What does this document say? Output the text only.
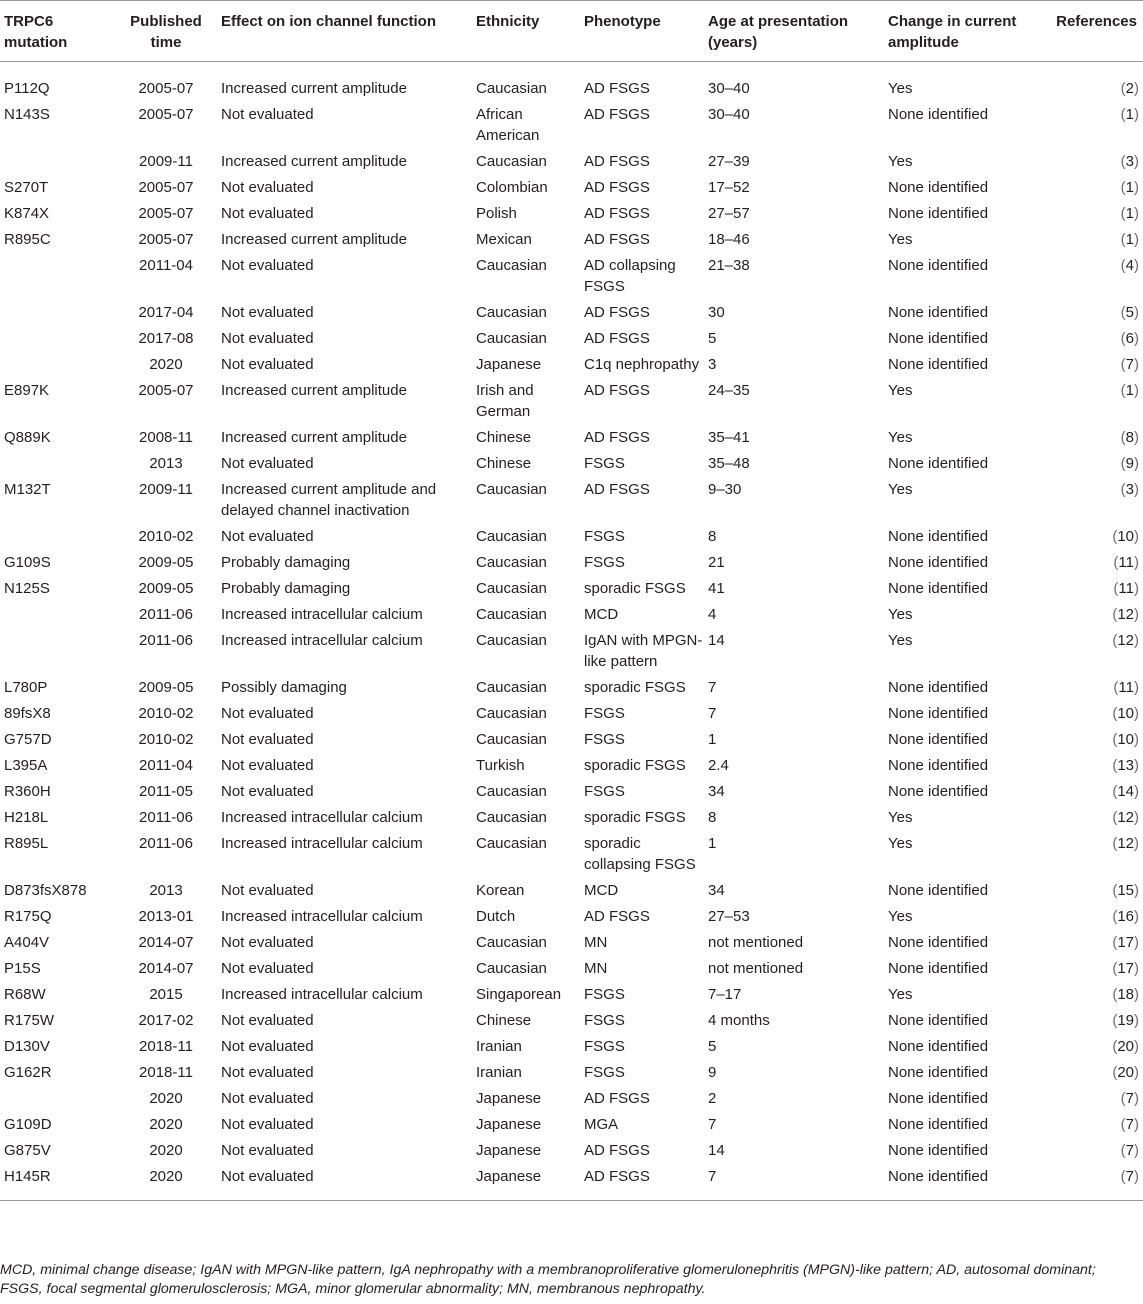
TRPC6 mutation	Published time	Effect on ion channel function	Ethnicity	Phenotype	Age at presentation (years)	Change in current amplitude	References
P112Q	2005-07	Increased current amplitude	Caucasian	AD FSGS	30–40	Yes	(2)
N143S	2005-07	Not evaluated	African American	AD FSGS	30–40	None identified	(1)
	2009-11	Increased current amplitude	Caucasian	AD FSGS	27–39	Yes	(3)
S270T	2005-07	Not evaluated	Colombian	AD FSGS	17–52	None identified	(1)
K874X	2005-07	Not evaluated	Polish	AD FSGS	27–57	None identified	(1)
R895C	2005-07	Increased current amplitude	Mexican	AD FSGS	18–46	Yes	(1)
	2011-04	Not evaluated	Caucasian	AD collapsing FSGS	21–38	None identified	(4)
	2017-04	Not evaluated	Caucasian	AD FSGS	30	None identified	(5)
	2017-08	Not evaluated	Caucasian	AD FSGS	5	None identified	(6)
	2020	Not evaluated	Japanese	C1q nephropathy	3	None identified	(7)
E897K	2005-07	Increased current amplitude	Irish and German	AD FSGS	24–35	Yes	(1)
Q889K	2008-11	Increased current amplitude	Chinese	AD FSGS	35–41	Yes	(8)
	2013	Not evaluated	Chinese	FSGS	35–48	None identified	(9)
M132T	2009-11	Increased current amplitude and delayed channel inactivation	Caucasian	AD FSGS	9–30	Yes	(3)
	2010-02	Not evaluated	Caucasian	FSGS	8	None identified	(10)
G109S	2009-05	Probably damaging	Caucasian	FSGS	21	None identified	(11)
N125S	2009-05	Probably damaging	Caucasian	sporadic FSGS	41	None identified	(11)
	2011-06	Increased intracellular calcium	Caucasian	MCD	4	Yes	(12)
	2011-06	Increased intracellular calcium	Caucasian	IgAN with MPGN-like pattern	14	Yes	(12)
L780P	2009-05	Possibly damaging	Caucasian	sporadic FSGS	7	None identified	(11)
89fsX8	2010-02	Not evaluated	Caucasian	FSGS	7	None identified	(10)
G757D	2010-02	Not evaluated	Caucasian	FSGS	1	None identified	(10)
L395A	2011-04	Not evaluated	Turkish	sporadic FSGS	2.4	None identified	(13)
R360H	2011-05	Not evaluated	Caucasian	FSGS	34	None identified	(14)
H218L	2011-06	Increased intracellular calcium	Caucasian	sporadic FSGS	8	Yes	(12)
R895L	2011-06	Increased intracellular calcium	Caucasian	sporadic collapsing FSGS	1	Yes	(12)
D873fsX878	2013	Not evaluated	Korean	MCD	34	None identified	(15)
R175Q	2013-01	Increased intracellular calcium	Dutch	AD FSGS	27–53	Yes	(16)
A404V	2014-07	Not evaluated	Caucasian	MN	not mentioned	None identified	(17)
P15S	2014-07	Not evaluated	Caucasian	MN	not mentioned	None identified	(17)
R68W	2015	Increased intracellular calcium	Singaporean	FSGS	7–17	Yes	(18)
R175W	2017-02	Not evaluated	Chinese	FSGS	4 months	None identified	(19)
D130V	2018-11	Not evaluated	Iranian	FSGS	5	None identified	(20)
G162R	2018-11	Not evaluated	Iranian	FSGS	9	None identified	(20)
	2020	Not evaluated	Japanese	AD FSGS	2	None identified	(7)
G109D	2020	Not evaluated	Japanese	MGA	7	None identified	(7)
G875V	2020	Not evaluated	Japanese	AD FSGS	14	None identified	(7)
H145R	2020	Not evaluated	Japanese	AD FSGS	7	None identified	(7)
MCD, minimal change disease; IgAN with MPGN-like pattern, IgA nephropathy with a membranoproliferative glomerulonephritis (MPGN)-like pattern; AD, autosomal dominant; FSGS, focal segmental glomerulosclerosis; MGA, minor glomerular abnormality; MN, membranous nephropathy.
